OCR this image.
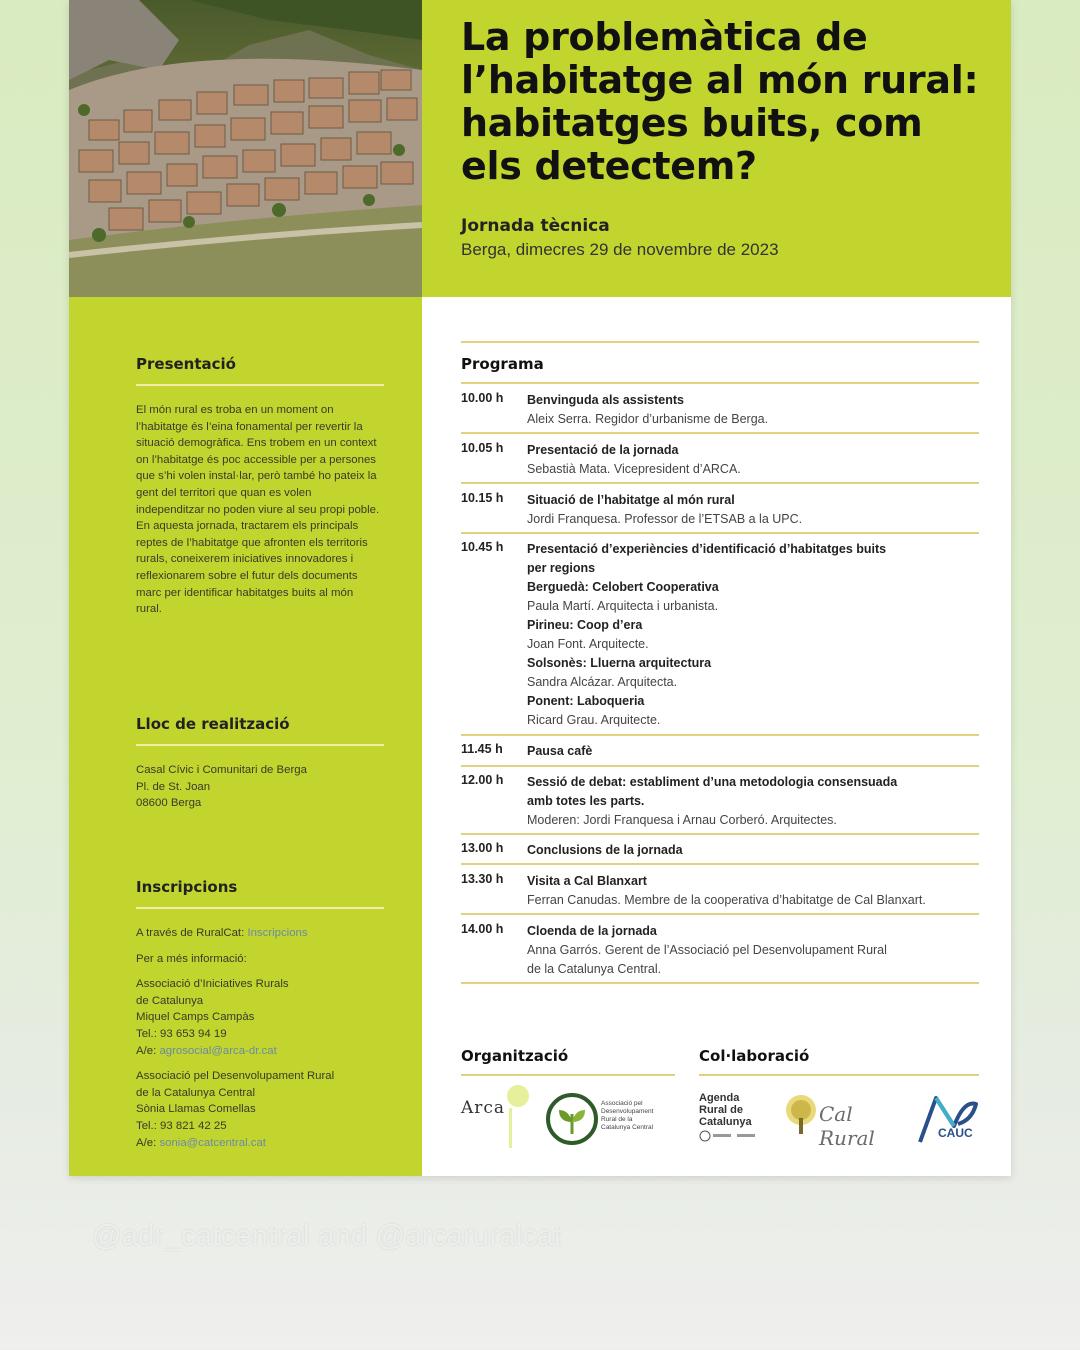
La problemàtica de
l’habitatge al món rural:
habitatges buits, com
els detectem?
Jornada tècnica
Berga, dimecres 29 de novembre de 2023
Presentació

El món rural es troba en un moment on l’habitatge és l’eina fonamental per revertir la situació demogràfica. Ens trobem en un context on l’habitatge és poc accessible per a persones que s’hi volen instal·lar, però també ho pateix la gent del territori que quan es volen independitzar no poden viure al seu propi poble.

En aquesta jornada, tractarem els principals reptes de l’habitatge que afronten els territoris rurals, coneixerem iniciatives innovadores i reflexionarem sobre el futur dels documents marc per identificar habitatges buits al món rural.

Lloc de realització

Casal Cívic i Comunitari de Berga

Pl. de St. Joan

08600 Berga

Inscripcions

A través de RuralCat: Inscripcions

Per a més informació:

Associació d’Iniciatives Rurals

de Catalunya

Miquel Camps Campàs

Tel.: 93 653 94 19

A/e: agrosocial@arca-dr.cat

Associació pel Desenvolupament Rural

de la Catalunya Central

Sònia Llamas Comellas

Tel.: 93 821 42 25

A/e: sonia@catcentral.cat

Programa
10.00 h Benvinguda als assistents
Aleix Serra. Regidor d’urbanisme de Berga.
10.05 h Presentació de la jornada
Sebastià Mata. Vicepresident d’ARCA.
10.15 h Situació de l’habitatge al món rural
Jordi Franquesa. Professor de l’ETSAB a la UPC.
10.45 h Presentació d’experiències d’identificació d’habitatges buits
per regions
Berguedà: Celobert Cooperativa
Paula Martí. Arquitecta i urbanista.
Pirineu: Coop d’era
Joan Font. Arquitecte.
Solsonès: Lluerna arquitectura
Sandra Alcázar. Arquitecta.
Ponent: Laboqueria
Ricard Grau. Arquitecte.
11.45 h Pausa cafè
12.00 h Sessió de debat: establiment d’una metodologia consensuada
amb totes les parts.
Moderen: Jordi Franquesa i Arnau Corberó. Arquitectes.
13.00 h Conclusions de la jornada
13.30 h Visita a Cal Blanxart
Ferran Canudas. Membre de la cooperativa d’habitatge de Cal Blanxart.
14.00 h Cloenda de la jornada
Anna Garrós. Gerent de l’Associació pel Desenvolupament Rural
de la Catalunya Central.
Organització	Col·laboració
Arca	Associació pel
Desenvolupament
Rural de la
Catalunya Central
Agenda
Rural de
Catalunya	Cal Rural	CAUC
@adr_catcentral and @arcaruralcat
